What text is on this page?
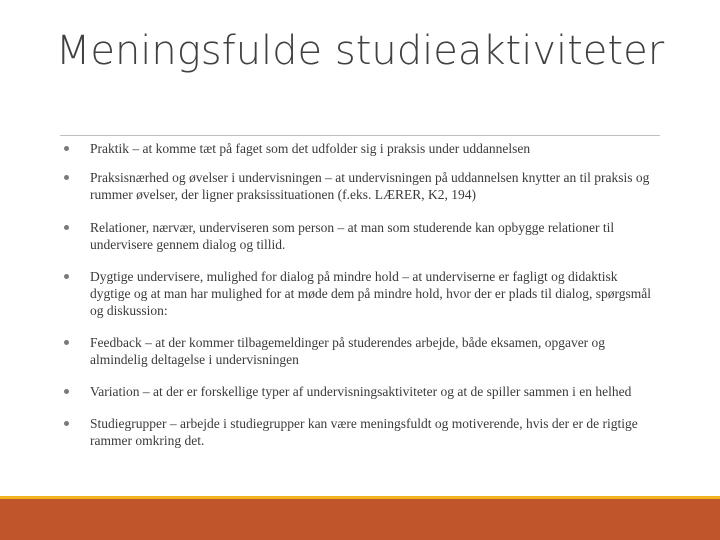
Meningsfulde studieaktiviteter
Praktik – at komme tæt på faget som det udfolder sig i praksis under uddannelsen
Praksisnærhed og øvelser i undervisningen – at undervisningen på uddannelsen knytter an til praksis og rummer øvelser, der ligner praksissituationen (f.eks. LÆRER, K2, 194)
Relationer, nærvær, underviseren som person – at man som studerende kan opbygge relationer til undervisere gennem dialog og tillid.
Dygtige undervisere, mulighed for dialog på mindre hold – at underviserne er fagligt og didaktisk dygtige og at man har mulighed for at møde dem på mindre hold, hvor der er plads til dialog, spørgsmål og diskussion:
Feedback – at der kommer tilbagemeldinger på studerendes arbejde, både eksamen, opgaver og almindelig deltagelse i undervisningen
Variation – at der er forskellige typer af undervisningsaktiviteter og at de spiller sammen i en helhed
Studiegrupper – arbejde i studiegrupper kan være meningsfuldt og motiverende, hvis der er de rigtige rammer omkring det.
